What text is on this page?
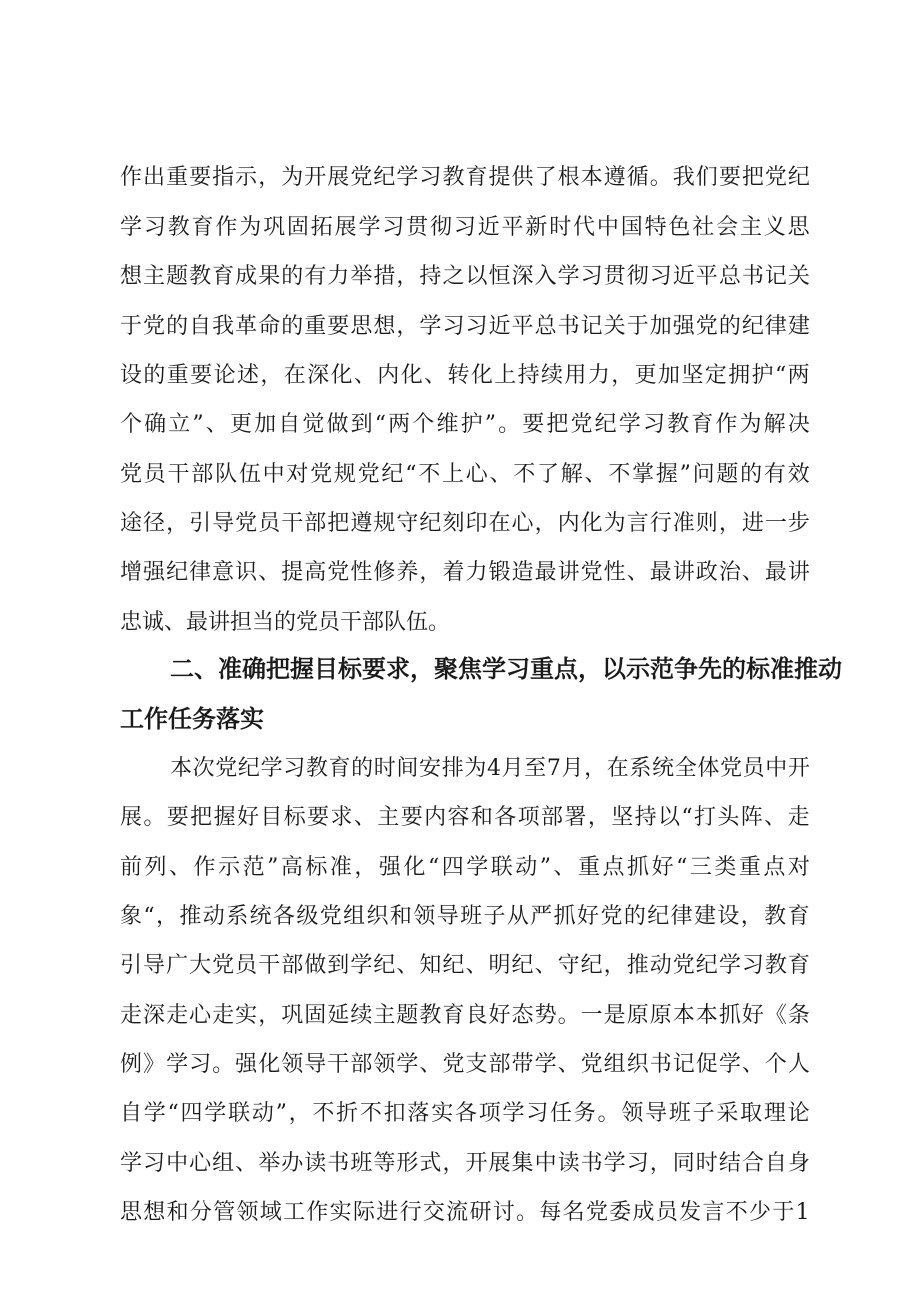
作 出 重 要 指 示 ， 为 开 展 党 纪 学 习 教 育 提 供 了 根 本 遵 循 。 我 们 要 把 党 纪
学 习 教 育 作 为 巩 固 拓 展 学 习 贯 彻 习 近 平 新 时 代 中 国 特 色 社 会 主 义 思
想 主 题 教 育 成 果 的 有 力 举 措 ， 持 之 以 恒 深 入 学 习 贯 彻 习 近 平 总 书 记 关
于 党 的 自 我 革 命 的 重 要 思 想 ， 学 习 习 近 平 总 书 记 关 于 加 强 党 的 纪 律 建
设 的 重 要 论 述 ， 在 深 化 、 内 化 、 转 化 上 持 续 用 力 ， 更 加 坚 定 拥 护 “ 两
个 确 立 ” 、 更 加 自 觉 做 到 “ 两 个 维 护 ” 。 要 把 党 纪 学 习 教 育 作 为 解 决
党 员 干 部 队 伍 中 对 党 规 党 纪 “ 不 上 心 、 不 了 解 、 不 掌 握 ” 问 题 的 有 效
途 径 ， 引 导 党 员 干 部 把 遵 规 守 纪 刻 印 在 心 ， 内 化 为 言 行 准 则 ， 进 一 步
增 强 纪 律 意 识 、 提 高 党 性 修 养 ， 着 力 锻 造 最 讲 党 性 、 最 讲 政 治 、 最 讲
忠诚、最讲担当的党员干部队伍。
二 、 准 确 把 握 目 标 要 求 ， 聚 焦 学 习 重 点 ， 以 示 范 争 先 的 标 准 推 动
工作任务落实
本 次 党 纪 学 习 教 育 的 时 间 安 排 为 4 月 至 7 月 ， 在 系 统 全 体 党 员 中 开
展 。 要 把 握 好 目 标 要 求 、 主 要 内 容 和 各 项 部 署 ， 坚 持 以 “ 打 头 阵 、 走
前 列 、 作 示 范 ” 高 标 准 ， 强 化 “ 四 学 联 动 ” 、 重 点 抓 好 “ 三 类 重 点 对
象 “ ， 推 动 系 统 各 级 党 组 织 和 领 导 班 子 从 严 抓 好 党 的 纪 律 建 设 ， 教 育
引 导 广 大 党 员 干 部 做 到 学 纪 、 知 纪 、 明 纪 、 守 纪 ， 推 动 党 纪 学 习 教 育
走 深 走 心 走 实 ， 巩 固 延 续 主 题 教 育 良 好 态 势 。 一 是 原 原 本 本 抓 好 《 条
例 》 学 习 。 强 化 领 导 干 部 领 学 、 党 支 部 带 学 、 党 组 织 书 记 促 学 、 个 人
自 学 “ 四 学 联 动 ” ， 不 折 不 扣 落 实 各 项 学 习 任 务 。 领 导 班 子 采 取 理 论
学 习 中 心 组 、 举 办 读 书 班 等 形 式 ， 开 展 集 中 读 书 学 习 ， 同 时 结 合 自 身
思 想 和 分 管 领 域 工 作 实 际 进 行 交 流 研 讨 。 每 名 党 委 成 员 发 言 不 少 于 1
